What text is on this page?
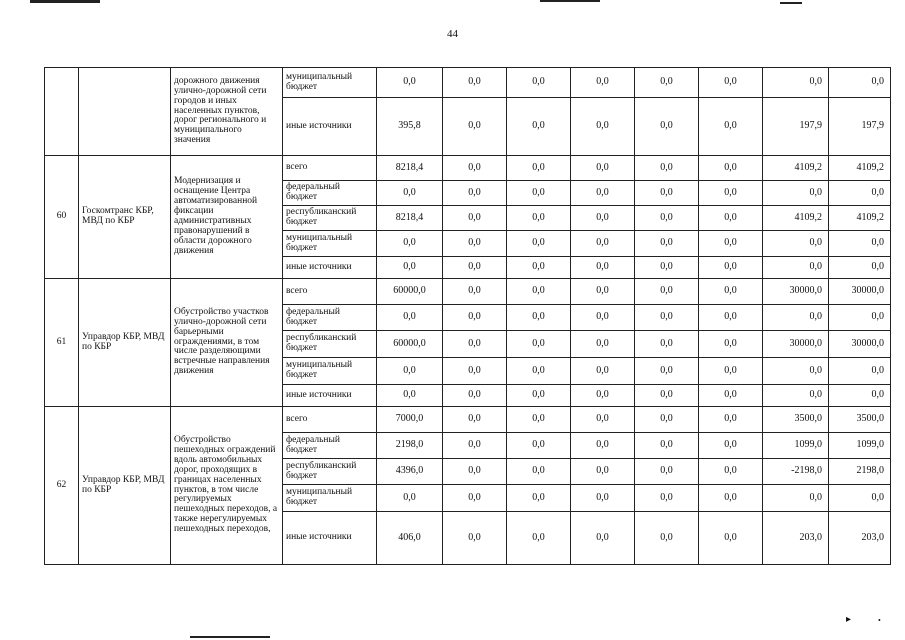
44
		дорожного движения улично-дорожной сети городов и иных населенных пунктов, дорог регионального и муниципального значения	муниципальный бюджет	0,0	0,0	0,0	0,0	0,0	0,0	0,0	0,0
			иные источники	395,8	0,0	0,0	0,0	0,0	0,0	197,9	197,9
60	Госкомтранс КБР, МВД по КБР	Модернизация и оснащение Центра автоматизированной фиксации административных правонарушений в области дорожного движения	всего	8218,4	0,0	0,0	0,0	0,0	0,0	4109,2	4109,2
			федеральный бюджет	0,0	0,0	0,0	0,0	0,0	0,0	0,0	0,0
			республиканский бюджет	8218,4	0,0	0,0	0,0	0,0	0,0	4109,2	4109,2
			муниципальный бюджет	0,0	0,0	0,0	0,0	0,0	0,0	0,0	0,0
			иные источники	0,0	0,0	0,0	0,0	0,0	0,0	0,0	0,0
61	Управдор КБР, МВД по КБР	Обустройство участков улично-дорожной сети барьерными ограждениями, в том числе разделяющими встречные направления движения	всего	60000,0	0,0	0,0	0,0	0,0	0,0	30000,0	30000,0
			федеральный бюджет	0,0	0,0	0,0	0,0	0,0	0,0	0,0	0,0
			республиканский бюджет	60000,0	0,0	0,0	0,0	0,0	0,0	30000,0	30000,0
			муниципальный бюджет	0,0	0,0	0,0	0,0	0,0	0,0	0,0	0,0
			иные источники	0,0	0,0	0,0	0,0	0,0	0,0	0,0	0,0
62	Управдор КБР, МВД по КБР	Обустройство пешеходных ограждений вдоль автомобильных дорог, проходящих в границах населенных пунктов, в том числе регулируемых пешеходных переходов, а также нерегулируемых пешеходных переходов,	всего	7000,0	0,0	0,0	0,0	0,0	0,0	3500,0	3500,0
			федеральный бюджет	2198,0	0,0	0,0	0,0	0,0	0,0	1099,0	1099,0
			республиканский бюджет	4396,0	0,0	0,0	0,0	0,0	0,0	-2198,0	2198,0
			муниципальный бюджет	0,0	0,0	0,0	0,0	0,0	0,0	0,0	0,0
			иные источники	406,0	0,0	0,0	0,0	0,0	0,0	203,0	203,0
▸	•
